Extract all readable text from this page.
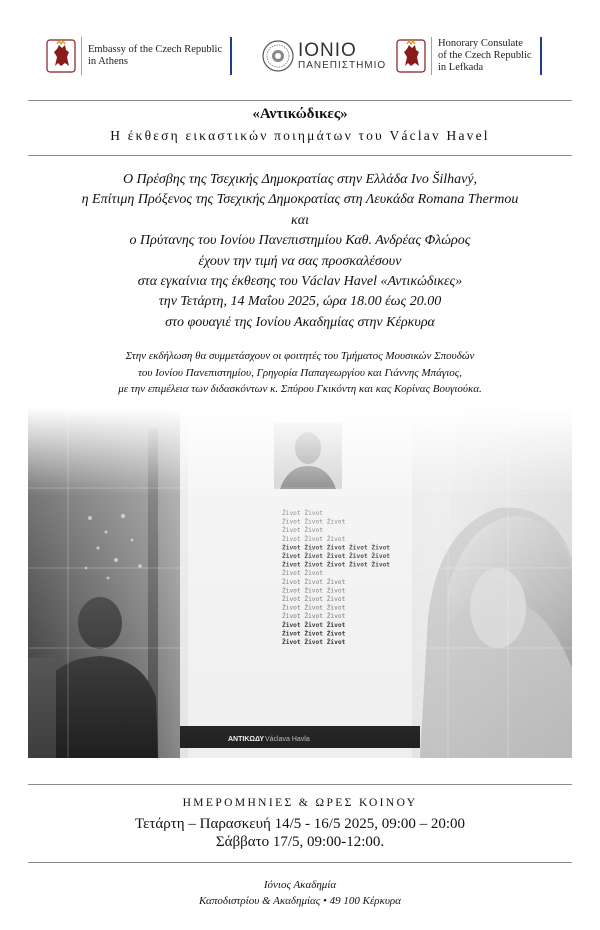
Embassy of the Czech Republic
in Athens
ΙΟΝΙΟ
ΠΑΝΕΠΙΣΤΗΜΙΟ
Honorary Consulate
of the Czech Republic
in Lefkada
«Αντικώδικες»
Η έκθεση εικαστικών ποιημάτων του Václav Havel
Ο Πρέσβης της Τσεχικής Δημοκρατίας στην Ελλάδα Ivo Šilhavý,
η Επίτιμη Πρόξενος της Τσεχικής Δημοκρατίας στη Λευκάδα Romana Thermou
και
ο Πρύτανης του Ιονίου Πανεπιστημίου Καθ. Ανδρέας Φλώρος
έχουν την τιμή να σας προσκαλέσουν
στα εγκαίνια της έκθεσης του Václav Havel «Αντικώδικες»
την Τετάρτη, 14 Μαΐου 2025, ώρα 18.00 έως 20.00
στο φουαγιέ της Ιονίου Ακαδημίας στην Κέρκυρα
Στην εκδήλωση θα συμμετάσχουν οι φοιτητές του Τμήματος Μουσικών Σπουδών
του Ιονίου Πανεπιστημίου, Γρηγορία Παπαγεωργίου και Γιάννης Μπάγιος,
με την επιμέλεια των διδασκόντων κ. Σπύρου Γκικόντη και κας Κορίνας Βουγιούκα.
ΗΜΕΡΟΜΗΝΙΕΣ & ΩΡΕΣ ΚΟΙΝΟΥ
Τετάρτη – Παρασκευή 14/5 - 16/5 2025, 09:00 – 20:00
Σάββατο 17/5, 09:00-12:00.
Ιόνιος Ακαδημία
Καποδιστρίου & Ακαδημίας • 49 100 Κέρκυρα
